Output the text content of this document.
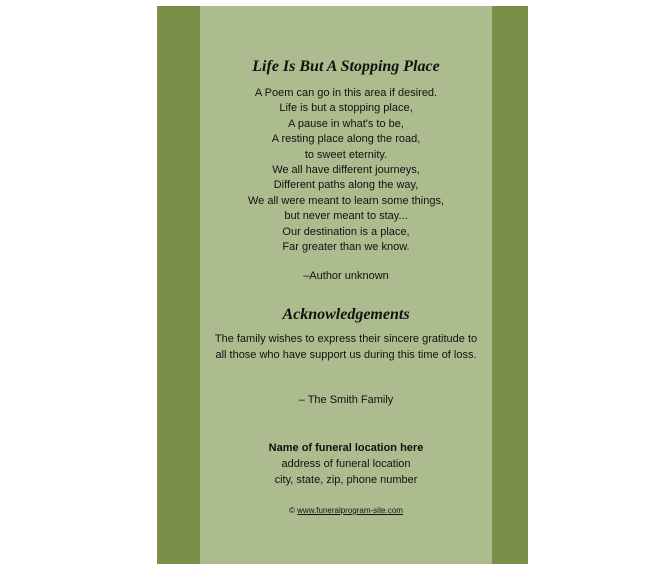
Life Is But A Stopping Place
A Poem can go in this area if desired.
Life is but a stopping place,
A pause in what's to be,
A resting place along the road,
to sweet eternity.
We all have different journeys,
Different paths along the way,
We all were meant to learn some things,
but never meant to stay...
Our destination is a place,
Far greater than we know.
–Author unknown
Acknowledgements
The family wishes to express their sincere gratitude to all those who have support us during this time of loss.
– The Smith Family
Name of funeral location here
address of funeral location
city, state, zip, phone number
© www.funeralprogram-site.com
